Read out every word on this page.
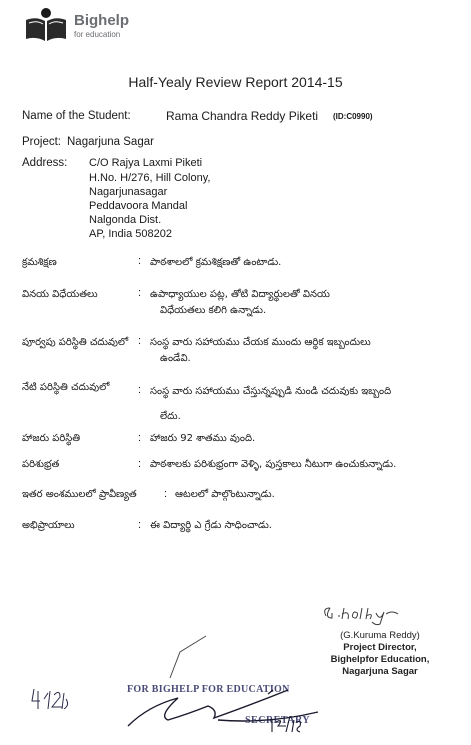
Bighelp
for education
Half-Yealy Review Report 2014-15
Name of the Student:	Rama Chandra Reddy Piketi (ID:C0990)
Project: Nagarjuna Sagar
Address: C/O Rajya Laxmi Piketi
H.No. H/276, Hill Colony,
Nagarjunasagar
Peddavoora Mandal
Nalgonda Dist.
AP, India 508202
క్రమశిక్షణ	: పాఠశాలలో క్రమశిక్షణతో ఉంటాడు.
వినయ విధేయతలు	: ఉపాధ్యాయుల పట్ల, తోటి విద్యార్థులతో వినయ
విధేయతలు కలిగి ఉన్నాడు.
పూర్వపు పరిస్థితి చదువులో : సంస్థ వారు సహాయము చేయక ముందు ఆర్థిక ఇబ్బందులు
ఉండేవి.
నేటి పరిస్థితి చదువులో	: సంస్థ వారు సహాయము చేస్తున్నప్పుడి నుండి చదువుకు ఇబ్బంది
లేదు.
హాజరు పరిస్థితి	: హాజరు 92 శాతము వుంది.
పరిశుభ్రత	: పాఠశాలకు పరిశుభ్రంగా వెళ్ళి, పుస్తకాలు నీటుగా ఉంచుకున్నాడు.
ఇతర అంశములలో ప్రావీణ్యత : ఆటలలో పాల్గొంటున్నాడు.
అభిప్రాయాలు	: ఈ విద్యార్థి ఎ గ్రేడు సాధించాడు.
(G.Kuruma Reddy)
Project Director,
Bighelpfor Education,
Nagarjuna Sagar
FOR BIGHELP FOR EDUCATION
SECRETARY
